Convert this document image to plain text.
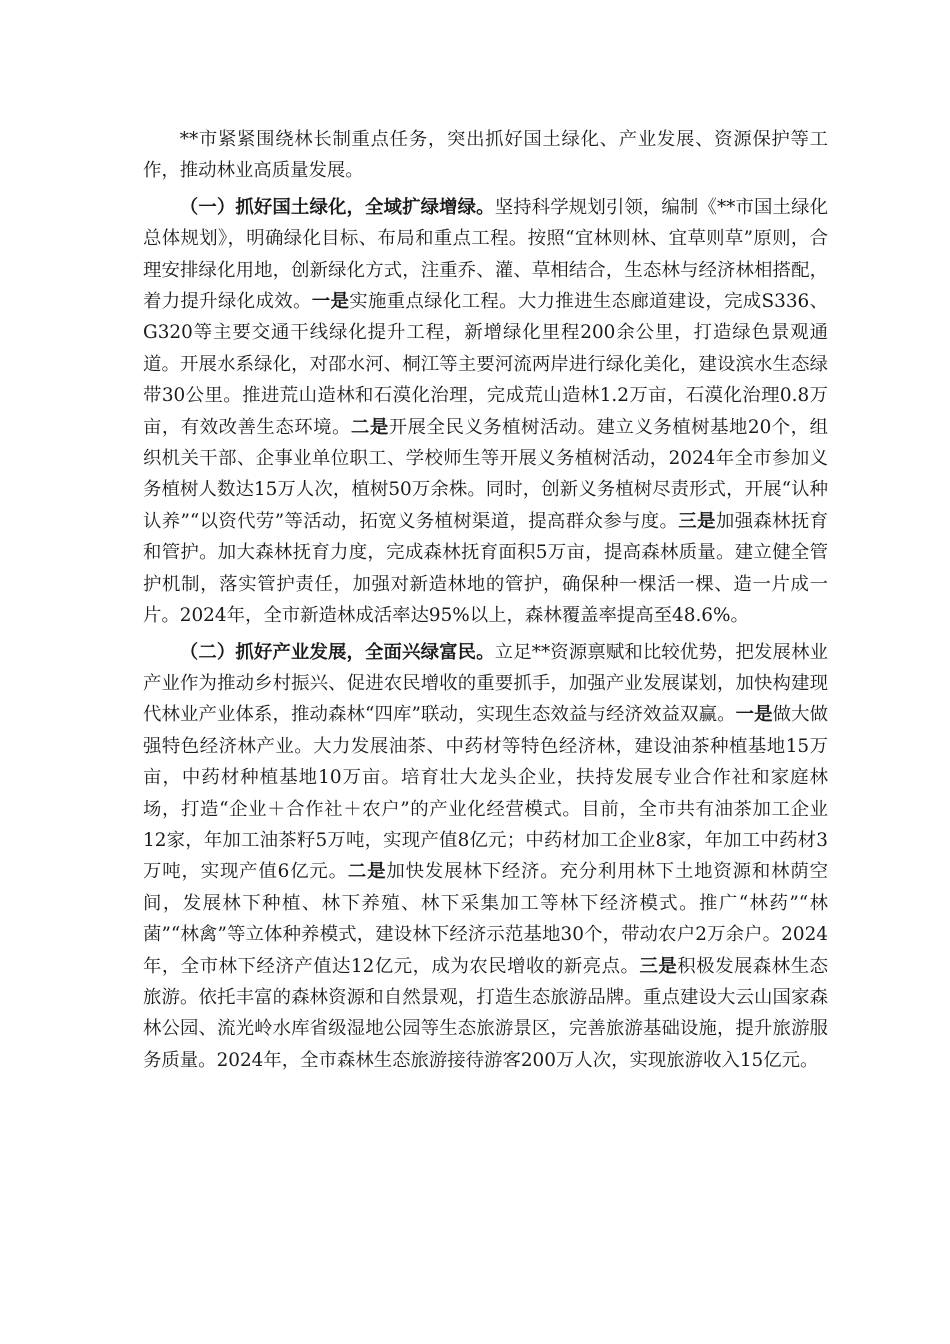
**市紧紧围绕林长制重点任务，突出抓好国土绿化、产业发展、资源保护等工作，推动林业高质量发展。

（一）抓好国土绿化，全域扩绿增绿。坚持科学规划引领，编制《**市国土绿化总体规划》，明确绿化目标、布局和重点工程。按照“宜林则林、宜草则草”原则，合理安排绿化用地，创新绿化方式，注重乔、灌、草相结合，生态林与经济林相搭配，着力提升绿化成效。一是实施重点绿化工程。大力推进生态廊道建设，完成S336、G320等主要交通干线绿化提升工程，新增绿化里程200余公里，打造绿色景观通道。开展水系绿化，对邵水河、桐江等主要河流两岸进行绿化美化，建设滨水生态绿带30公里。推进荒山造林和石漠化治理，完成荒山造林1.2万亩，石漠化治理0.8万亩，有效改善生态环境。二是开展全民义务植树活动。建立义务植树基地20个，组织机关干部、企事业单位职工、学校师生等开展义务植树活动，2024年全市参加义务植树人数达15万人次，植树50万余株。同时，创新义务植树尽责形式，开展“认种认养”“以资代劳”等活动，拓宽义务植树渠道，提高群众参与度。三是加强森林抚育和管护。加大森林抚育力度，完成森林抚育面积5万亩，提高森林质量。建立健全管护机制，落实管护责任，加强对新造林地的管护，确保种一棵活一棵、造一片成一片。2024年，全市新造林成活率达95%以上，森林覆盖率提高至48.6%。

（二）抓好产业发展，全面兴绿富民。立足**资源禀赋和比较优势，把发展林业产业作为推动乡村振兴、促进农民增收的重要抓手，加强产业发展谋划，加快构建现代林业产业体系，推动森林“四库”联动，实现生态效益与经济效益双赢。一是做大做强特色经济林产业。大力发展油茶、中药材等特色经济林，建设油茶种植基地15万亩，中药材种植基地10万亩。培育壮大龙头企业，扶持发展专业合作社和家庭林场，打造“企业＋合作社＋农户”的产业化经营模式。目前，全市共有油茶加工企业12家，年加工油茶籽5万吨，实现产值8亿元；中药材加工企业8家，年加工中药材3万吨，实现产值6亿元。二是加快发展林下经济。充分利用林下土地资源和林荫空间，发展林下种植、林下养殖、林下采集加工等林下经济模式。推广“林药”“林菌”“林禽”等立体种养模式，建设林下经济示范基地30个，带动农户2万余户。2024年，全市林下经济产值达12亿元，成为农民增收的新亮点。三是积极发展森林生态旅游。依托丰富的森林资源和自然景观，打造生态旅游品牌。重点建设大云山国家森林公园、流光岭水库省级湿地公园等生态旅游景区，完善旅游基础设施，提升旅游服务质量。2024年，全市森林生态旅游接待游客200万人次，实现旅游收入15亿元。
